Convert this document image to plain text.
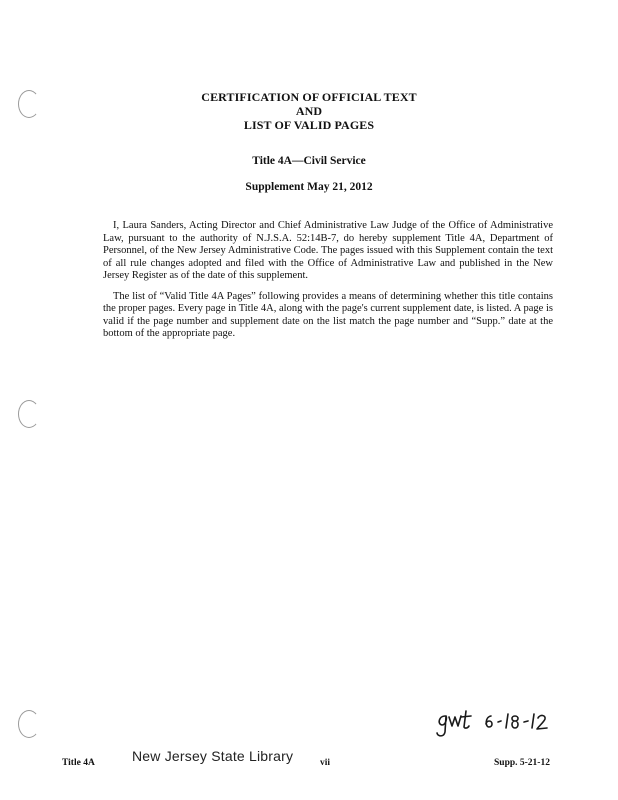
CERTIFICATION OF OFFICIAL TEXT
AND
LIST OF VALID PAGES
Title 4A—Civil Service
Supplement May 21, 2012

I, Laura Sanders, Acting Director and Chief Administrative Law Judge of the Office of Administrative Law, pursuant to the authority of N.J.S.A. 52:14B-7, do hereby supplement Title 4A, Department of Personnel, of the New Jersey Administrative Code. The pages issued with this Supplement contain the text of all rule changes adopted and filed with the Office of Administrative Law and published in the New Jersey Register as of the date of this supplement.

The list of “Valid Title 4A Pages” following provides a means of determining whether this title contains the proper pages. Every page in Title 4A, along with the page's current supplement date, is listed. A page is valid if the page number and supplement date on the list match the page number and “Supp.” date at the bottom of the appropriate page.

Title 4A	New Jersey State Library	vii	Supp. 5-21-12
